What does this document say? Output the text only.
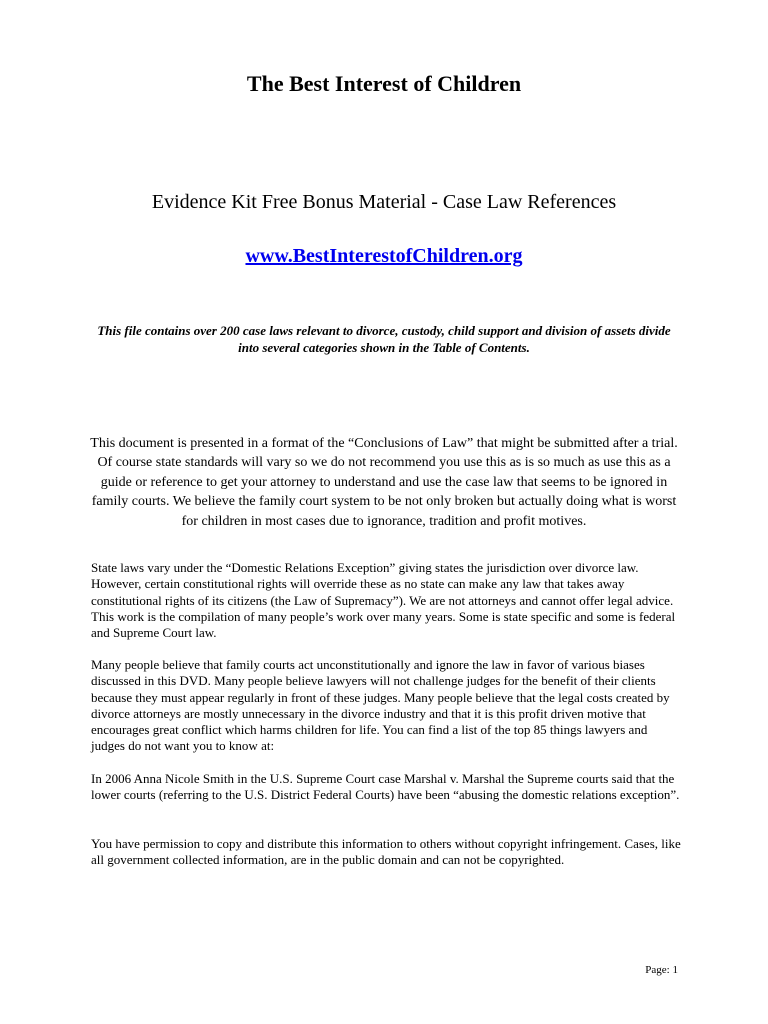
The Best Interest of Children
Evidence Kit Free Bonus Material - Case Law References
www.BestInterestofChildren.org
This file contains over 200 case laws relevant to divorce, custody, child support and division of assets divide into several categories shown in the Table of Contents.
This document is presented in a format of the “Conclusions of Law” that might be submitted after a trial. Of course state standards will vary so we do not recommend you use this as is so much as use this as a guide or reference to get your attorney to understand and use the case law that seems to be ignored in family courts. We believe the family court system to be not only broken but actually doing what is worst for children in most cases due to ignorance, tradition and profit motives.
State laws vary under the “Domestic Relations Exception” giving states the jurisdiction over divorce law. However, certain constitutional rights will override these as no state can make any law that takes away constitutional rights of its citizens (the Law of Supremacy”). We are not attorneys and cannot offer legal advice. This work is the compilation of many people’s work over many years. Some is state specific and some is federal and Supreme Court law.
Many people believe that family courts act unconstitutionally and ignore the law in favor of various biases discussed in this DVD. Many people believe lawyers will not challenge judges for the benefit of their clients because they must appear regularly in front of these judges. Many people believe that the legal costs created by divorce attorneys are mostly unnecessary in the divorce industry and that it is this profit driven motive that encourages great conflict which harms children for life. You can find a list of the top 85 things lawyers and judges do not want you to know at:
In 2006 Anna Nicole Smith in the U.S. Supreme Court case Marshal v. Marshal the Supreme courts said that the lower courts (referring to the U.S. District Federal Courts) have been “abusing the domestic relations exception”.
You have permission to copy and distribute this information to others without copyright infringement. Cases, like all government collected information, are in the public domain and can not be copyrighted.
Page: 1
